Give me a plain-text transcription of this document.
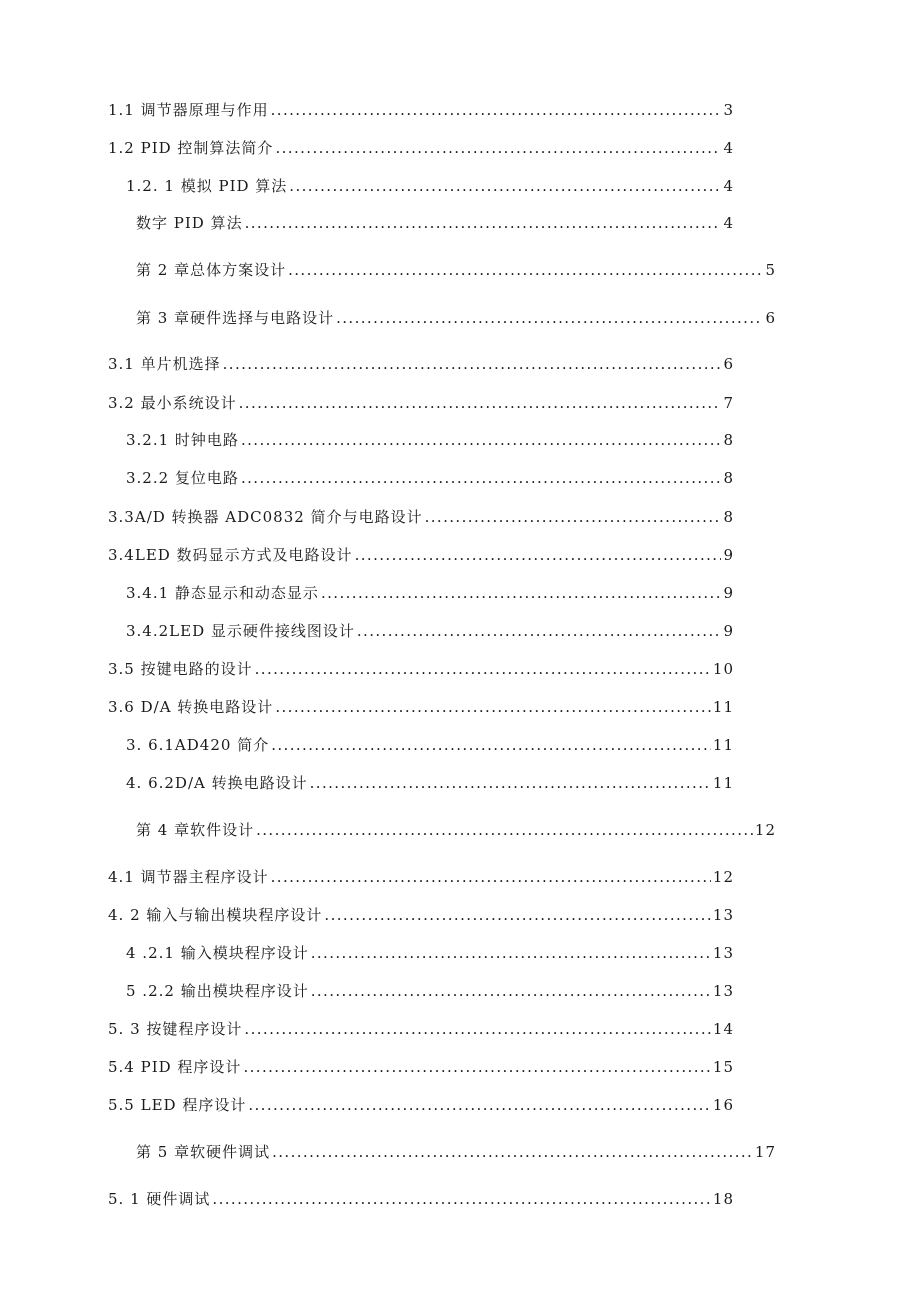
1.1 调节器原理与作用 .....	3
1.2 PID 控制算法简介 .....	4
1.2. 1 模拟 PID 算法 .....	4
数字 PID 算法 .....	4
第 2 章总体方案设计 .....	5
第 3 章硬件选择与电路设计 .....	6
3.1 单片机选择 .....	6
3.2 最小系统设计 .....	7
3.2.1 时钟电路 .....	8
3.2.2 复位电路 .....	8
3.3A/D 转换器 ADC0832 简介与电路设计 .....	8
3.4LED 数码显示方式及电路设计 .....	9
3.4.1 静态显示和动态显示 .....	9
3.4.2LED 显示硬件接线图设计 .....	9
3.5 按键电路的设计 .....	10
3.6 D/A 转换电路设计 .....	11
3. 6.1AD420 简介 .....	11
4. 6.2D/A 转换电路设计 .....	11
第 4 章软件设计 .....	12
4.1 调节器主程序设计 .....	12
4. 2 输入与输出模块程序设计 .....	13
4 .2.1 输入模块程序设计 .....	13
5 .2.2 输出模块程序设计 .....	13
5. 3 按键程序设计 .....	14
5.4 PID 程序设计 .....	15
5.5 LED 程序设计 .....	16
第 5 章软硬件调试 .....	17
5. 1 硬件调试 .....	18
